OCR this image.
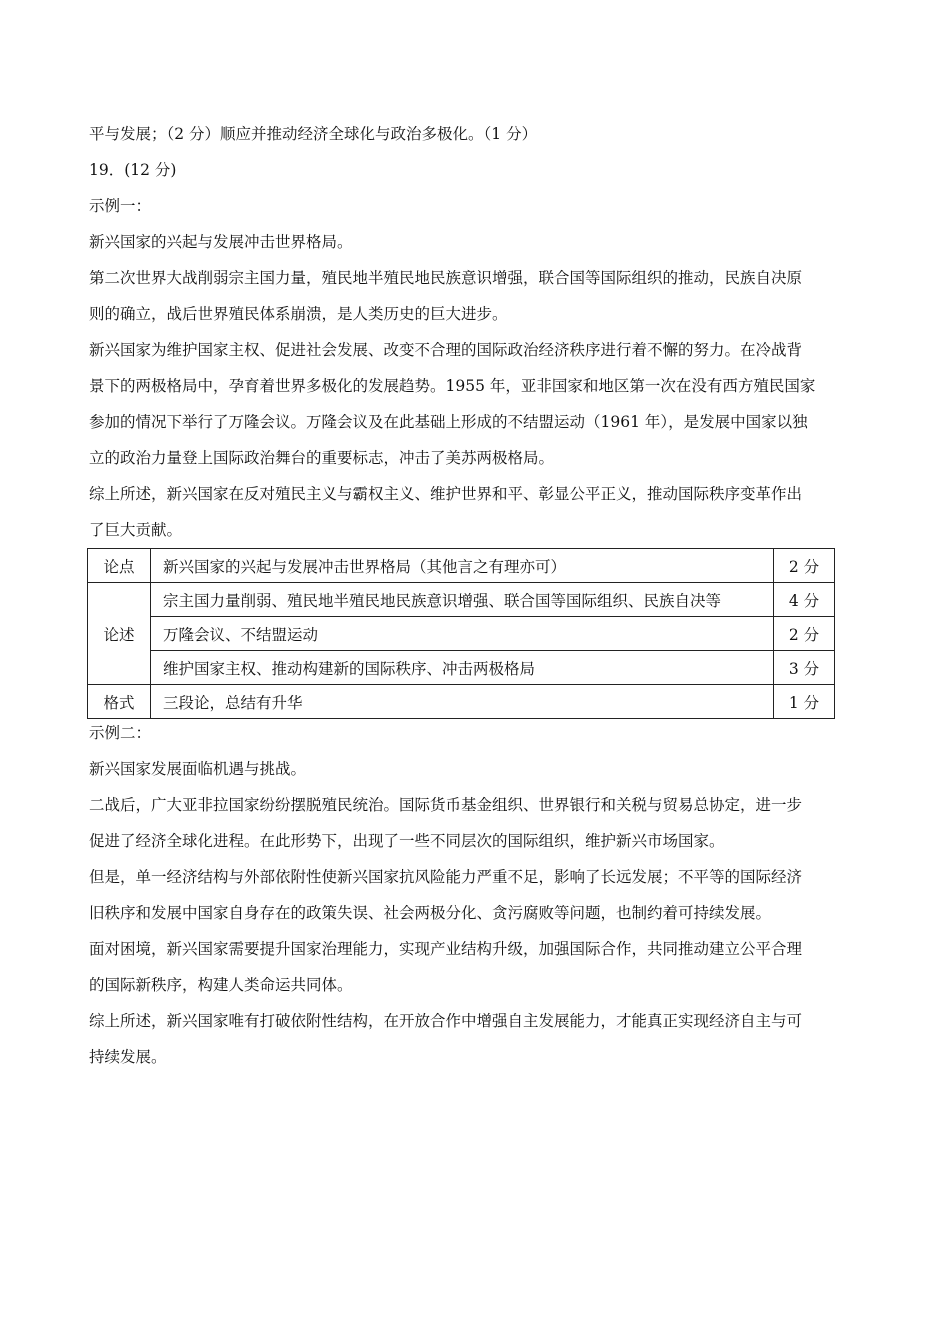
平与发展；（2 分）顺应并推动经济全球化与政治多极化。（1 分）

19．(12 分)

示例一：

新兴国家的兴起与发展冲击世界格局。

第二次世界大战削弱宗主国力量，殖民地半殖民地民族意识增强，联合国等国际组织的推动，民族自决原

则的确立，战后世界殖民体系崩溃，是人类历史的巨大进步。

新兴国家为维护国家主权、促进社会发展、改变不合理的国际政治经济秩序进行着不懈的努力。在冷战背

景下的两极格局中，孕育着世界多极化的发展趋势。1955 年，亚非国家和地区第一次在没有西方殖民国家

参加的情况下举行了万隆会议。万隆会议及在此基础上形成的不结盟运动（1961 年），是发展中国家以独

立的政治力量登上国际政治舞台的重要标志，冲击了美苏两极格局。

综上所述，新兴国家在反对殖民主义与霸权主义、维护世界和平、彰显公平正义，推动国际秩序变革作出

了巨大贡献。

论点	新兴国家的兴起与发展冲击世界格局（其他言之有理亦可）	2 分
论述	宗主国力量削弱、殖民地半殖民地民族意识增强、联合国等国际组织、民族自决等	4 分
	万隆会议、不结盟运动	2 分
	维护国家主权、推动构建新的国际秩序、冲击两极格局	3 分
格式	三段论，总结有升华	1 分

示例二：

新兴国家发展面临机遇与挑战。

二战后，广大亚非拉国家纷纷摆脱殖民统治。国际货币基金组织、世界银行和关税与贸易总协定，进一步

促进了经济全球化进程。在此形势下，出现了一些不同层次的国际组织，维护新兴市场国家。

但是，单一经济结构与外部依附性使新兴国家抗风险能力严重不足，影响了长远发展；不平等的国际经济

旧秩序和发展中国家自身存在的政策失误、社会两极分化、贪污腐败等问题，也制约着可持续发展。

面对困境，新兴国家需要提升国家治理能力，实现产业结构升级，加强国际合作，共同推动建立公平合理

的国际新秩序，构建人类命运共同体。

综上所述，新兴国家唯有打破依附性结构，在开放合作中增强自主发展能力，才能真正实现经济自主与可

持续发展。
